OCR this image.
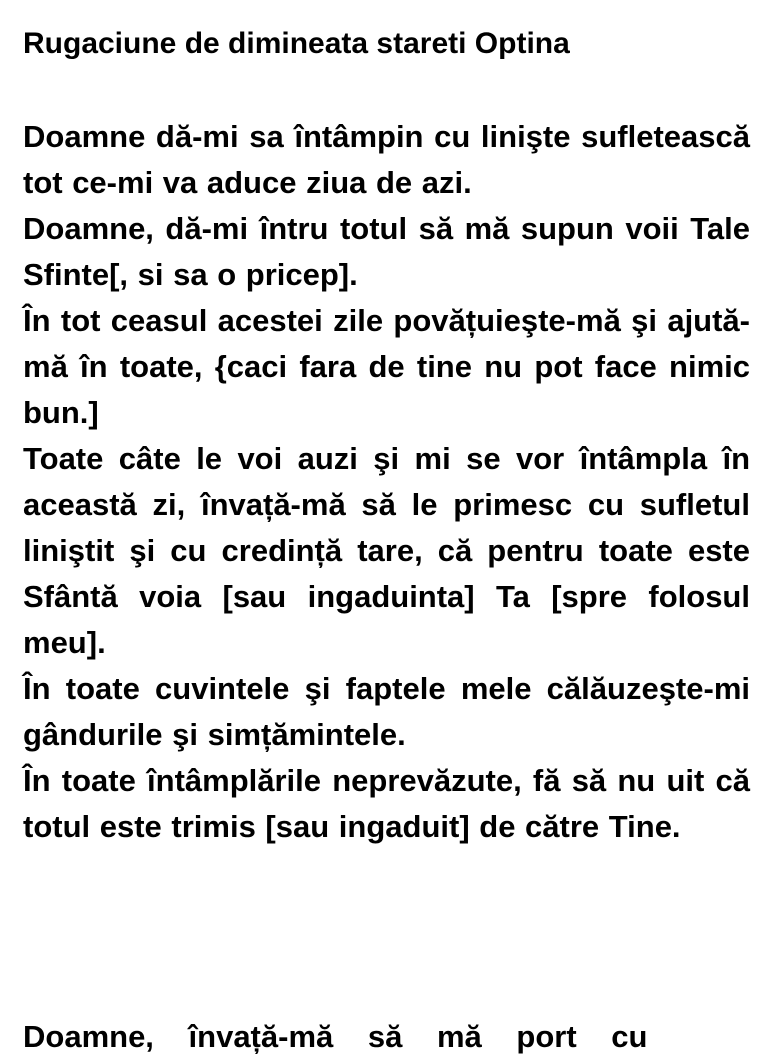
Rugaciune de dimineata stareti Optina

Doamne dă-mi sa întâmpin cu linişte sufletească tot ce-mi va aduce ziua de azi.

Doamne, dă-mi întru totul să mă supun voii Tale Sfinte[, si sa o pricep].

În tot ceasul acestei zile povățuieşte-mă şi ajută-mă în toate, {caci fara de tine nu pot face nimic bun.]

Toate câte le voi auzi şi mi se vor întâmpla în această zi, învață-mă să le primesc cu sufletul liniştit şi cu credință tare, că pentru toate este Sfântă voia [sau ingaduinta] Ta [spre folosul meu].

În toate cuvintele şi faptele mele călăuzeşte-mi gândurile şi simțămintele.

În toate întâmplările neprevăzute, fă să nu uit că totul este trimis [sau ingaduit] de către Tine.

Doamne, învață-mă să mă port cu
